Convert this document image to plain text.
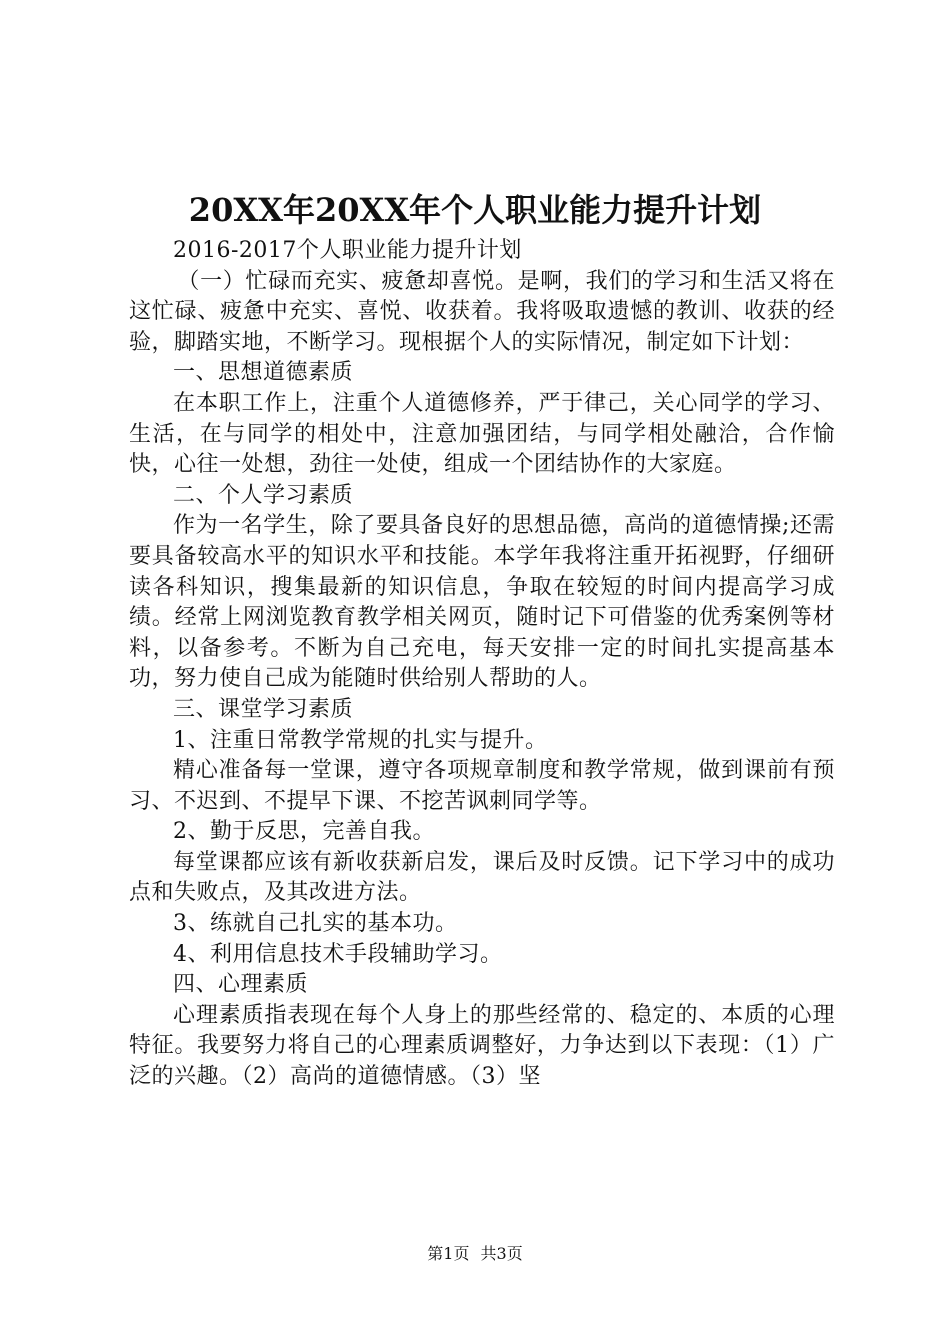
20XX年20XX年个人职业能力提升计划

2016-2017个人职业能力提升计划

（一）忙碌而充实、疲惫却喜悦。是啊，我们的学习和生活又将在这忙碌、疲惫中充实、喜悦、收获着。我将吸取遗憾的教训、收获的经验，脚踏实地，不断学习。现根据个人的实际情况，制定如下计划：

一、思想道德素质

在本职工作上，注重个人道德修养，严于律己，关心同学的学习、生活，在与同学的相处中，注意加强团结，与同学相处融洽，合作愉快，心往一处想，劲往一处使，组成一个团结协作的大家庭。

二、个人学习素质

作为一名学生，除了要具备良好的思想品德，高尚的道德情操;还需要具备较高水平的知识水平和技能。本学年我将注重开拓视野，仔细研读各科知识，搜集最新的知识信息，争取在较短的时间内提高学习成绩。经常上网浏览教育教学相关网页，随时记下可借鉴的优秀案例等材料，以备参考。不断为自己充电，每天安排一定的时间扎实提高基本功，努力使自己成为能随时供给别人帮助的人。

三、课堂学习素质

1、注重日常教学常规的扎实与提升。

精心准备每一堂课，遵守各项规章制度和教学常规，做到课前有预习、不迟到、不提早下课、不挖苦讽刺同学等。

2、勤于反思，完善自我。

每堂课都应该有新收获新启发，课后及时反馈。记下学习中的成功点和失败点，及其改进方法。

3、练就自己扎实的基本功。

4、利用信息技术手段辅助学习。

四、心理素质

心理素质指表现在每个人身上的那些经常的、稳定的、本质的心理特征。我要努力将自己的心理素质调整好，力争达到以下表现：（1）广泛的兴趣。（2）高尚的道德情感。（3）坚

第1页 共3页
